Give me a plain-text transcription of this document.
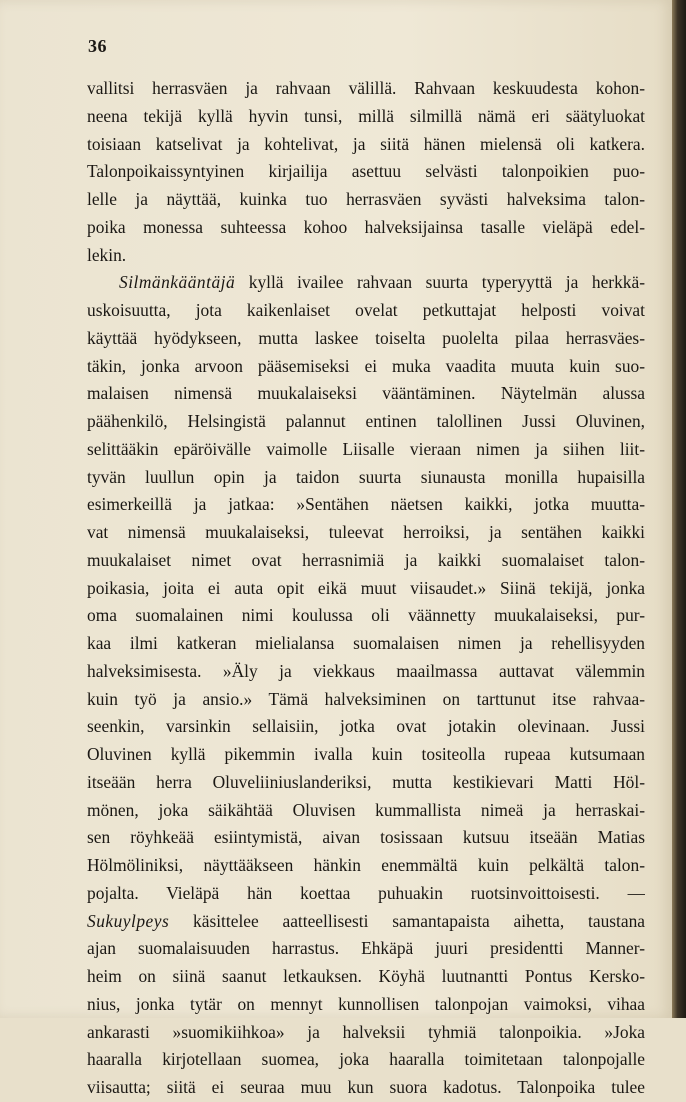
36
vallitsi herrasväen ja rahvaan välillä. Rahvaan keskuudesta kohon-
neena tekijä kyllä hyvin tunsi, millä silmillä nämä eri säätyluokat
toisiaan katselivat ja kohtelivat, ja siitä hänen mielensä oli katkera.
Talonpoikaissyntyinen kirjailija asettuu selvästi talonpoikien puo-
lelle ja näyttää, kuinka tuo herrasväen syvästi halveksima talon-
poika monessa suhteessa kohoo halveksijainsa tasalle vieläpä edel-
lekin.
Silmänkääntäjä kyllä ivailee rahvaan suurta typeryyttä ja herkkä-
uskoisuutta, jota kaikenlaiset ovelat petkuttajat helposti voivat
käyttää hyödykseen, mutta laskee toiselta puolelta pilaa herrasväes-
täkin, jonka arvoon pääsemiseksi ei muka vaadita muuta kuin suo-
malaisen nimensä muukalaiseksi vääntäminen. Näytelmän alussa
päähenkilö, Helsingistä palannut entinen talollinen Jussi Oluvinen,
selittääkin epäröivälle vaimolle Liisalle vieraan nimen ja siihen liit-
tyvän luullun opin ja taidon suurta siunausta monilla hupaisilla
esimerkeillä ja jatkaa: »Sentähen näetsen kaikki, jotka muutta-
vat nimensä muukalaiseksi, tuleevat herroiksi, ja sentähen kaikki
muukalaiset nimet ovat herrasnimiä ja kaikki suomalaiset talon-
poikasia, joita ei auta opit eikä muut viisaudet.» Siinä tekijä, jonka
oma suomalainen nimi koulussa oli väännetty muukalaiseksi, pur-
kaa ilmi katkeran mielialansa suomalaisen nimen ja rehellisyyden
halveksimisesta. »Äly ja viekkaus maailmassa auttavat välemmin
kuin työ ja ansio.» Tämä halveksiminen on tarttunut itse rahvaa-
seenkin, varsinkin sellaisiin, jotka ovat jotakin olevinaan. Jussi
Oluvinen kyllä pikemmin ivalla kuin tositeolla rupeaa kutsumaan
itseään herra Oluveliiniuslanderiksi, mutta kestikievari Matti Höl-
mönen, joka säikähtää Oluvisen kummallista nimeä ja herraskai-
sen röyhkeää esiintymistä, aivan tosissaan kutsuu itseään Matias
Hölmöliniksi, näyttääkseen hänkin enemmältä kuin pelkältä talon-
pojalta. Vieläpä hän koettaa puhuakin ruotsinvoittoisesti. —
Sukuylpeys käsittelee aatteellisesti samantapaista aihetta, taustana
ajan suomalaisuuden harrastus. Ehkäpä juuri presidentti Manner-
heim on siinä saanut letkauksen. Köyhä luutnantti Pontus Kersko-
nius, jonka tytär on mennyt kunnollisen talonpojan vaimoksi, vihaa
ankarasti »suomikiihkoa» ja halveksii tyhmiä talonpoikia. »Joka
haaralla kirjotellaan suomea, joka haaralla toimitetaan talonpojalle
viisautta; siitä ei seuraa muu kun suora kadotus. Talonpoika tulee
